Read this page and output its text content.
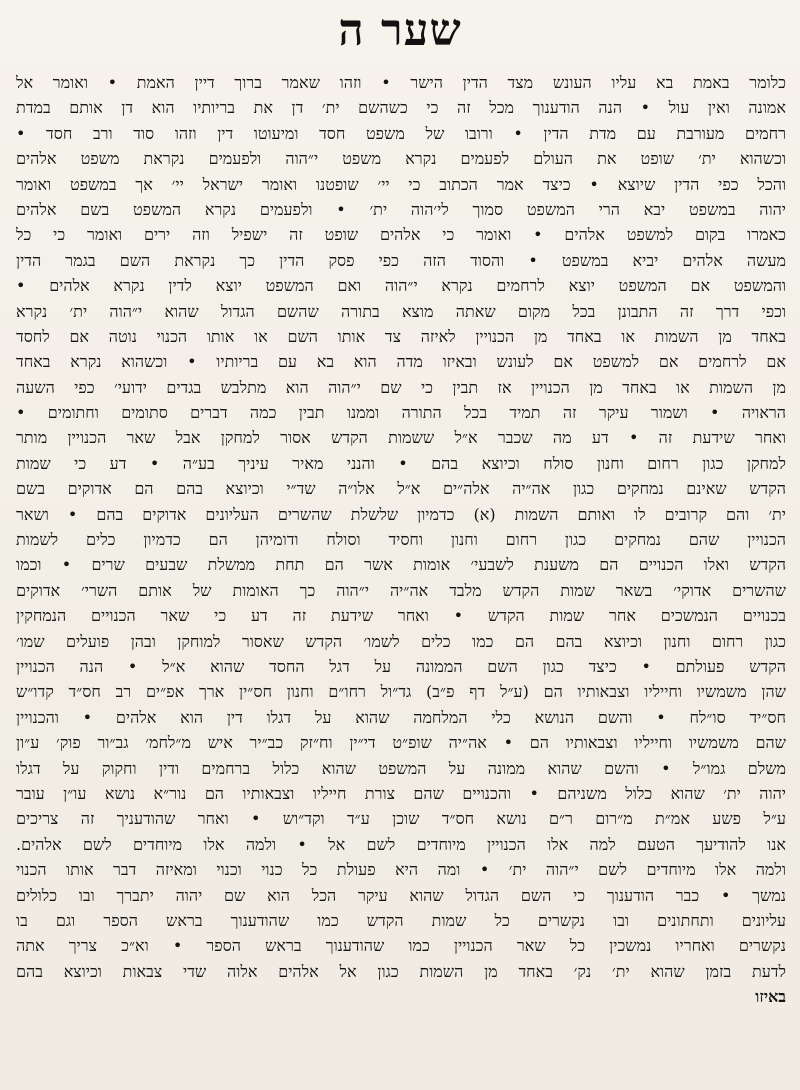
שער ה
כלומר באמת בא עליו העונש מצד הדין הישר • וזהו שאמר ברוך דיין האמת • ואומר אל
אמונה ואין עול • הנה הודענוך מכל זה כי כשהשם ית׳ דן את בריותיו הוא דן אותם במדת
רחמים מעורבת עם מדת הדין • ורובו של משפט חסד ומיעוטו דין וזהו סוד ורב חסד •
וכשהוא ית׳ שופט את העולם לפעמים נקרא משפט י״הוה ולפעמים נקראת משפט אלהים
והכל כפי הדין שיוצא • כיצד אמר הכתוב כי יי׳ שופטנו ואומר ישראל יי׳ אך במשפט ואומר
יהוה במשפט יבא הרי המשפט סמוך לי׳הוה ית׳ • ולפעמים נקרא המשפט בשם אלהים
כאמרו בקום למשפט אלהים • ואומר כי אלהים שופט זה ישפיל וזה ירים ואומר כי כל
מעשה אלהים יביא במשפט • והסוד הזה כפי פסק הדין כך נקראת השם בגמר הדין
והמשפט אם המשפט יוצא לרחמים נקרא י״הוה ואם המשפט יוצא לדין נקרא אלהים •
וכפי דרך זה התבונן בכל מקום שאתה מוצא בתורה שהשם הגדול שהוא י״הוה ית׳ נקרא
באחד מן השמות או באחד מן הכנויין לאיזה צד אותו השם או אותו הכנוי נוטה אם לחסד
אם לרחמים אם למשפט אם לעונש ובאיזו מדה הוא בא עם בריותיו • וכשהוא נקרא באחד
מן השמות או באחד מן הכנויין אז תבין כי שם י״הוה הוא מתלבש בגדים ידועי׳ כפי השעה
הראויה • ושמור עיקר זה תמיד בכל התורה וממנו תבין כמה דברים סתומים וחתומים •
ואחר שידעת זה • דע מה שכבר א״ל ששמות הקדש אסור למחקן אבל שאר הכנויין מותר
למחקן כגון רחום וחנון סולח וכיוצא בהם • והנני מאיר עיניך בע״ה • דע כי שמות
הקדש שאינם נמחקים כגון אה״יה אלה״ים א״ל אלו״ה שד״י וכיוצא בהם הם אדוקים בשם
ית׳ והם קרובים לו ואותם השמות (א) כדמיון שלשלת שהשרים העליונים אדוקים בהם • ושאר
הכנויין שהם נמחקים כגון רחום וחנון וחסיד וסולח ודומיהן הם כדמיון כלים לשמות
הקדש ואלו הכנויים הם משענת לשבעי׳ אומות אשר הם תחת ממשלת שבעים שרים • וכמו
שהשרים אדוקי׳ בשאר שמות הקדש מלבד אה״יה י״הוה כך האומות של אותם השרי׳ אדוקים
בכנויים הנמשכים אחר שמות הקדש • ואחר שידעת זה דע כי שאר הכנויים הנמחקין
כגון רחום וחנון וכיוצא בהם הם כמו כלים לשמו׳ הקדש שאסור למוחקן ובהן פועלים שמו׳
הקדש פעולתם • כיצד כגון השם הממונה על דגל החסד שהוא א״ל • הנה הכנויין
שהן משמשיו וחייליו וצבאותיו הם (ע״ל דף פ״ב) גד״ול רחו״ם וחנון חס״ין ארך אפ״ים רב חס״ד קדו״ש
חס״יד סו״לח • והשם הנושא כלי המלחמה שהוא על דגלו דין הוא אלהים • והכנויין
שהם משמשיו וחייליו וצבאותיו הם • אה״יה שופ״ט די״ין וח״זק כב״יר איש מ״לחמ׳ גב״ור פוק׳ ע״ון
משלם גמו״ל • והשם שהוא ממונה על המשפט שהוא כלול ברחמים ודין וחקוק על דגלו
יהוה ית׳ שהוא כלול משניהם • והכנויים שהם צורת חייליו וצבאותיו הם נור״א נושא עו״ן עובר
ע״ל פשע אמ״ת מ״רום ר״ם נושא חס״ד שוכן ע״ד וקד״וש • ואחר שהודעניך זה צריכים
אנו להודיעך הטעם למה אלו הכנויין מיוחדים לשם אל • ולמה אלו מיוחדים לשם אלהים.
ולמה אלו מיוחדים לשם י״הוה ית׳ • ומה היא פעולת כל כנוי וכנוי ומאיזה דבר אותו הכנוי
נמשך • כבר הודענוך כי השם הגדול שהוא עיקר הכל הוא שם יהוה יתברך ובו כלולים
עליונים ותחתונים ובו נקשרים כל שמות הקדש כמו שהודענוך בראש הספר וגם בו
נקשרים ואחריו נמשכין כל שאר הכנויין כמו שהודענוך בראש הספר • וא״כ צריך אתה
לדעת בזמן שהוא ית׳ נק׳ באחד מן השמות כגון אל אלהים אלוה שדי צבאות וכיוצא בהם
באיזו
